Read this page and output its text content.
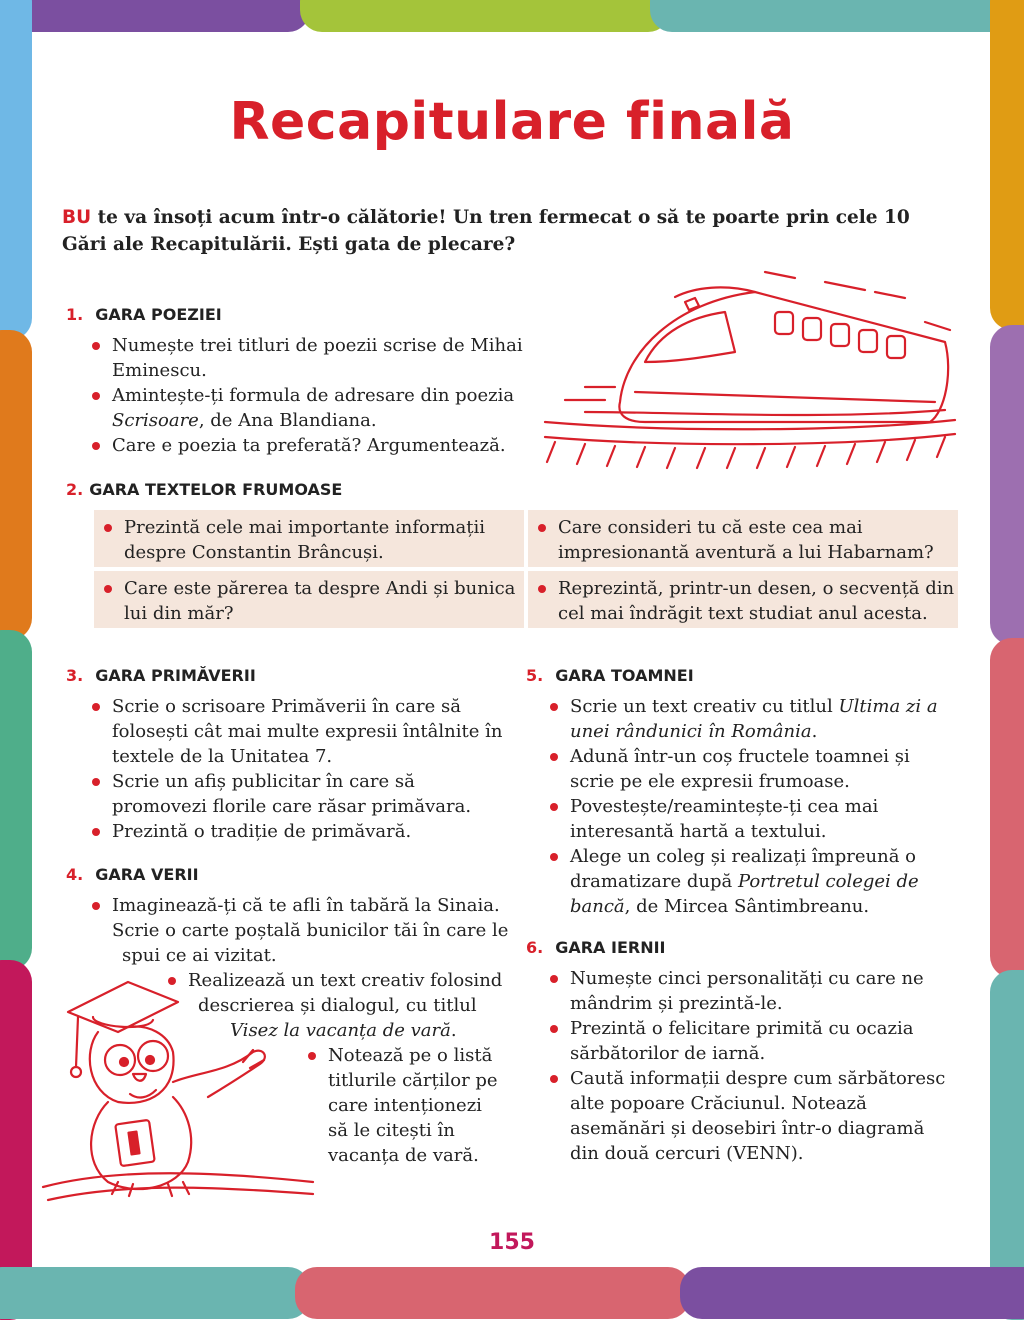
Recapitulare finală
BU te va însoți acum într-o călătorie! Un tren fermecat o să te poarte prin cele 10 Gări ale Recapitulării. Ești gata de plecare?
1. GARA POEZIEI
Numește trei titluri de poezii scrise de Mihai Eminescu.
Amintește-ți formula de adresare din poezia Scrisoare, de Ana Blandiana.
Care e poezia ta preferată? Argumentează.
2. GARA TEXTELOR FRUMOASE
Prezintă cele mai importante informații despre Constantin Brâncuși.
Care consideri tu că este cea mai impresionantă aventură a lui Habarnam?
Care este părerea ta despre Andi și bunica lui din măr?
Reprezintă, printr-un desen, o secvență din cel mai îndrăgit text studiat anul acesta.
3. GARA PRIMĂVERII
Scrie o scrisoare Primăverii în care să folosești cât mai multe expresii întâlnite în textele de la Unitatea 7.
Scrie un afiș publicitar în care să promovezi florile care răsar primăvara.
Prezintă o tradiție de primăvară.
4. GARA VERII
Imaginează-ți că te afli în tabără la Sinaia.
Scrie o carte poștală bunicilor tăi în care le
spui ce ai vizitat.
Realizează un text creativ folosind
descrierea și dialogul, cu titlul
Visez la vacanța de vară.
Notează pe o listă
titlurile cărților pe
care intenționezi
să le citești în
vacanța de vară.
5. GARA TOAMNEI
Scrie un text creativ cu titlul Ultima zi a unei rândunici în România.
Adună într-un coș fructele toamnei și scrie pe ele expresii frumoase.
Povestește/reamintește-ți cea mai interesantă hartă a textului.
Alege un coleg și realizați împreună o dramatizare după Portretul colegei de bancă, de Mircea Sântimbreanu.
6. GARA IERNII
Numește cinci personalități cu care ne mândrim și prezintă-le.
Prezintă o felicitare primită cu ocazia sărbătorilor de iarnă.
Caută informații despre cum sărbătoresc alte popoare Crăciunul. Notează asemănări și deosebiri într-o diagramă din două cercuri (VENN).
155
